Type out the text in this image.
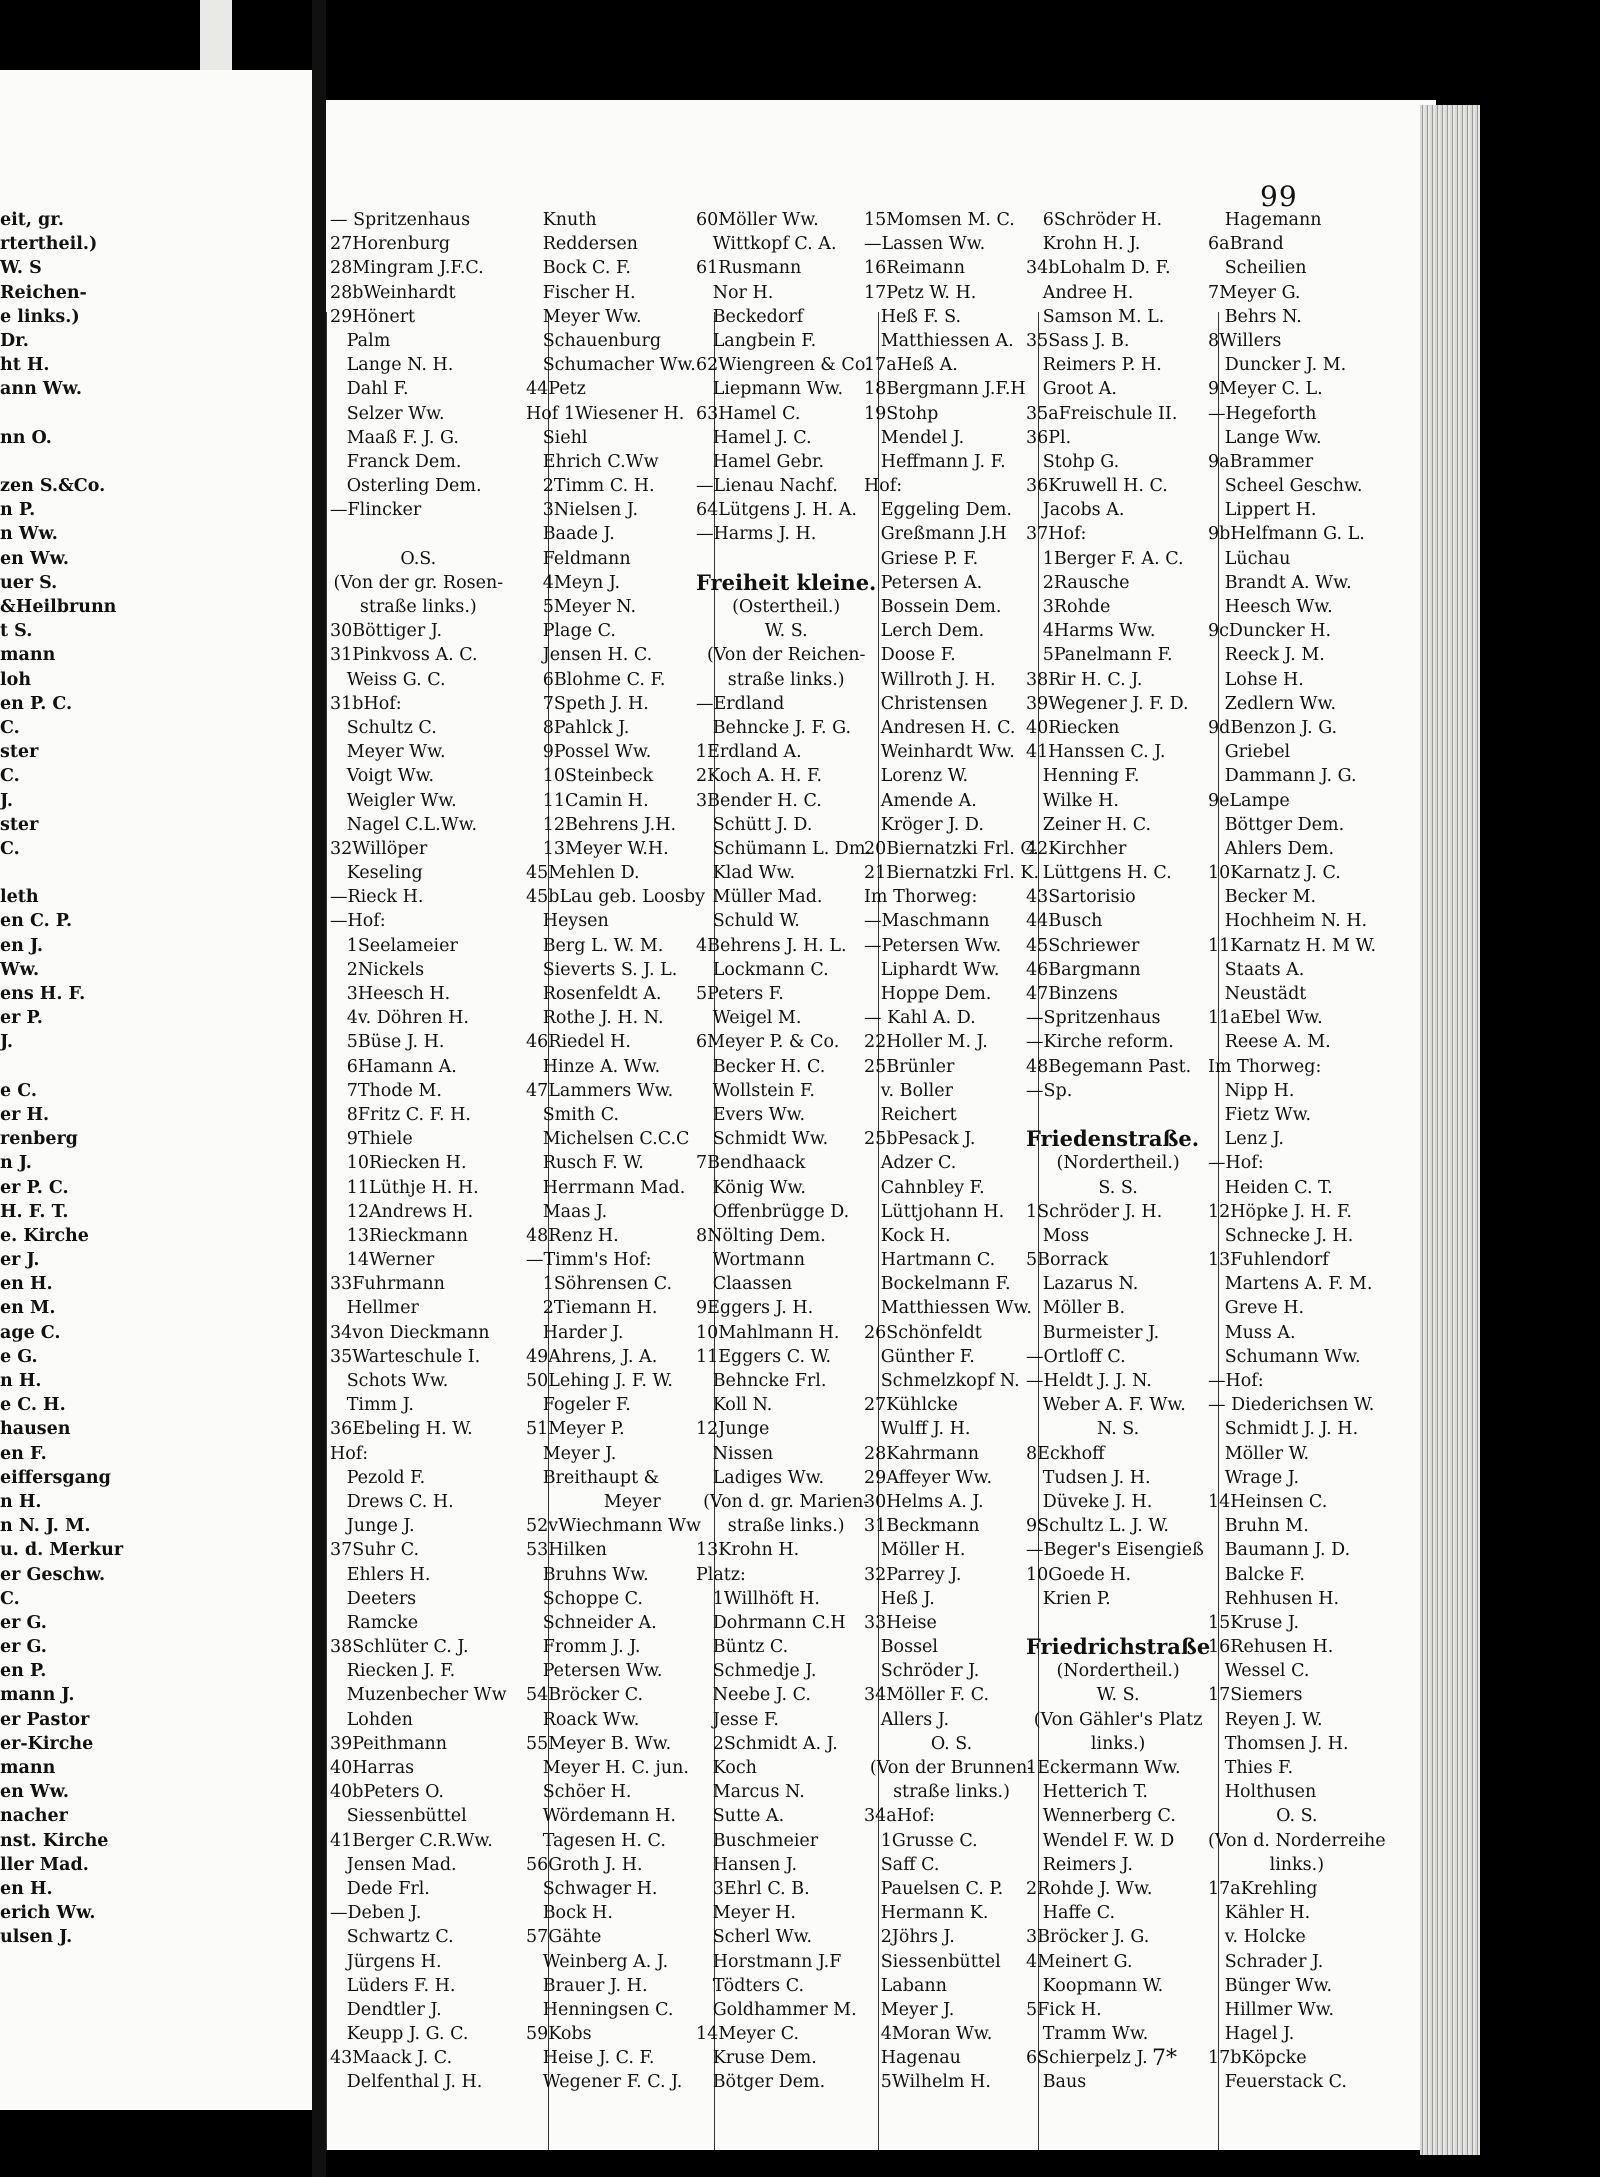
eit, gr.
rtertheil.)
W. S
Reichen-
e links.)
Dr.
ht H.
ann Ww.
nn O.
zen S.&Co.
n P.
n Ww.
en Ww.
uer S.
&Heilbrunn
t S.
mann
loh
en P. C.
C.
ster
C.
J.
ster
C.
leth
en C. P.
en J.
Ww.
ens H. F.
er P.
J.
e C.
er H.
renberg
n J.
er P. C.
H. F. T.
e. Kirche
er J.
en H.
en M.
age C.
e G.
n H.
e C. H.
hausen
en F.
eiffersgang
n H.
n N. J. M.
u. d. Merkur
er Geschw.
C.
er G.
er G.
en P.
mann J.
er Pastor
er-Kirche
mann
en Ww.
nacher
nst. Kirche
ller Mad.
en H.
erich Ww.
ulsen J.
99
— Spritzenhaus
27Horenburg
28Mingram J.F.C.
28bWeinhardt
29Hönert
Palm
Lange N. H.
Dahl F.
Selzer Ww.
Maaß F. J. G.
Franck Dem.
Osterling Dem.
—Flincker
O.S.
(Von der gr. Rosen-
straße links.)
30Böttiger J.
31Pinkvoss A. C.
Weiss G. C.
31bHof:
Schultz C.
Meyer Ww.
Voigt Ww.
Weigler Ww.
Nagel C.L.Ww.
32Willöper
Keseling
—Rieck H.
—Hof:
1Seelameier
2Nickels
3Heesch H.
4v. Döhren H.
5Büse J. H.
6Hamann A.
7Thode M.
8Fritz C. F. H.
9Thiele
10Riecken H.
11Lüthje H. H.
12Andrews H.
13Rieckmann
14Werner
33Fuhrmann
Hellmer
34von Dieckmann
35Warteschule I.
Schots Ww.
Timm J.
36Ebeling H. W.
Hof:
Pezold F.
Drews C. H.
Junge J.
37Suhr C.
Ehlers H.
Deeters
Ramcke
38Schlüter C. J.
Riecken J. F.
Muzenbecher Ww
Lohden
39Peithmann
40Harras
40bPeters O.
Siessenbüttel
41Berger C.R.Ww.
Jensen Mad.
Dede Frl.
—Deben J.
Schwartz C.
Jürgens H.
Lüders F. H.
Dendtler J.
Keupp J. G. C.
43Maack J. C.
Delfenthal J. H.
Knuth
Reddersen
Bock C. F.
Fischer H.
Meyer Ww.
Schauenburg
Schumacher Ww.
44Petz
Hof 1Wiesener H.
Siehl
Ehrich C.Ww
2Timm C. H.
3Nielsen J.
Baade J.
Feldmann
4Meyn J.
5Meyer N.
Plage C.
Jensen H. C.
6Blohme C. F.
7Speth J. H.
8Pahlck J.
9Possel Ww.
10Steinbeck
11Camin H.
12Behrens J.H.
13Meyer W.H.
45Mehlen D.
45bLau geb. Loosby
Heysen
Berg L. W. M.
Sieverts S. J. L.
Rosenfeldt A.
Rothe J. H. N.
46Riedel H.
Hinze A. Ww.
47Lammers Ww.
Smith C.
Michelsen C.C.C
Rusch F. W.
Herrmann Mad.
Maas J.
48Renz H.
—Timm's Hof:
1Söhrensen C.
2Tiemann H.
Harder J.
49Ahrens, J. A.
50Lehing J. F. W.
Fogeler F.
51Meyer P.
Meyer J.
Breithaupt &
Meyer
52vWiechmann Ww
53Hilken
Bruhns Ww.
Schoppe C.
Schneider A.
Fromm J. J.
Petersen Ww.
54Bröcker C.
Roack Ww.
55Meyer B. Ww.
Meyer H. C. jun.
Schöer H.
Wördemann H.
Tagesen H. C.
56Groth J. H.
Schwager H.
Bock H.
57Gähte
Weinberg A. J.
Brauer J. H.
Henningsen C.
59Kobs
Heise J. C. F.
Wegener F. C. J.
60Möller Ww.
Wittkopf C. A.
61Rusmann
Nor H.
Beckedorf
Langbein F.
62Wiengreen & Co.
Liepmann Ww.
63Hamel C.
Hamel J. C.
Hamel Gebr.
—Lienau Nachf.
64Lütgens J. H. A.
—Harms J. H.
Freiheit kleine.
(Ostertheil.)
W. S.
(Von der Reichen-
straße links.)
—Erdland
Behncke J. F. G.
1Erdland A.
2Koch A. H. F.
3Bender H. C.
Schütt J. D.
Schümann L. Dm.
Klad Ww.
Müller Mad.
Schuld W.
4Behrens J. H. L.
Lockmann C.
5Peters F.
Weigel M.
6Meyer P. & Co.
Becker H. C.
Wollstein F.
Evers Ww.
Schmidt Ww.
7Bendhaack
König Ww.
Offenbrügge D.
8Nölting Dem.
Wortmann
Claassen
9Eggers J. H.
10Mahlmann H.
11Eggers C. W.
Behncke Frl.
Koll N.
12Junge
Nissen
Ladiges Ww.
(Von d. gr. Marien-
straße links.)
13Krohn H.
Platz:
1Willhöft H.
Dohrmann C.H
Büntz C.
Schmedje J.
Neebe J. C.
Jesse F.
2Schmidt A. J.
Koch
Marcus N.
Sutte A.
Buschmeier
Hansen J.
3Ehrl C. B.
Meyer H.
Scherl Ww.
Horstmann J.F
Tödters C.
Goldhammer M.
14Meyer C.
Kruse Dem.
Bötger Dem.
15Momsen M. C.
—Lassen Ww.
16Reimann
17Petz W. H.
Heß F. S.
Matthiessen A.
17aHeß A.
18Bergmann J.F.H
19Stohp
Mendel J.
Heffmann J. F.
Hof:
Eggeling Dem.
Greßmann J.H
Griese P. F.
Petersen A.
Bossein Dem.
Lerch Dem.
Doose F.
Willroth J. H.
Christensen
Andresen H. C.
Weinhardt Ww.
Lorenz W.
Amende A.
Kröger J. D.
20Biernatzki Frl. C.
21Biernatzki Frl. K.
Im Thorweg:
—Maschmann
—Petersen Ww.
Liphardt Ww.
Hoppe Dem.
— Kahl A. D.
22Holler M. J.
25Brünler
v. Boller
Reichert
25bPesack J.
Adzer C.
Cahnbley F.
Lüttjohann H.
Kock H.
Hartmann C.
Bockelmann F.
Matthiessen Ww.
26Schönfeldt
Günther F.
Schmelzkopf N.
27Kühlcke
Wulff J. H.
28Kahrmann
29Affeyer Ww.
30Helms A. J.
31Beckmann
Möller H.
32Parrey J.
Heß J.
33Heise
Bossel
Schröder J.
34Möller F. C.
Allers J.
O. S.
(Von der Brunnen-
straße links.)
34aHof:
1Grusse C.
Saff C.
Pauelsen C. P.
Hermann K.
2Jöhrs J.
Siessenbüttel
Labann
Meyer J.
4Moran Ww.
Hagenau
5Wilhelm H.
6Schröder H.
Krohn H. J.
34bLohalm D. F.
Andree H.
Samson M. L.
35Sass J. B.
Reimers P. H.
Groot A.
35aFreischule II.
36Pl.
Stohp G.
36Kruwell H. C.
Jacobs A.
37Hof:
1Berger F. A. C.
2Rausche
3Rohde
4Harms Ww.
5Panelmann F.
38Rir H. C. J.
39Wegener J. F. D.
40Riecken
41Hanssen C. J.
Henning F.
Wilke H.
Zeiner H. C.
42Kirchher
Lüttgens H. C.
43Sartorisio
44Busch
45Schriewer
46Bargmann
47Binzens
—Spritzenhaus
—Kirche reform.
48Begemann Past.
—Sp.
Friedenstraße.
(Nordertheil.)
S. S.
1Schröder J. H.
Moss
5Borrack
Lazarus N.
Möller B.
Burmeister J.
—Ortloff C.
—Heldt J. J. N.
Weber A. F. Ww.
N. S.
8Eckhoff
Tudsen J. H.
Düveke J. H.
9Schultz L. J. W.
—Beger's Eisengieß
10Goede H.
Krien P.
Friedrichstraße
(Nordertheil.)
W. S.
(Von Gähler's Platz
links.)
1Eckermann Ww.
Hetterich T.
Wennerberg C.
Wendel F. W. D
Reimers J.
2Rohde J. Ww.
Haffe C.
3Bröcker J. G.
4Meinert G.
Koopmann W.
5Fick H.
Tramm Ww.
6Schierpelz J.
Baus
Hagemann
6aBrand
Scheilien
7Meyer G.
Behrs N.
8Willers
Duncker J. M.
9Meyer C. L.
—Hegeforth
Lange Ww.
9aBrammer
Scheel Geschw.
Lippert H.
9bHelfmann G. L.
Lüchau
Brandt A. Ww.
Heesch Ww.
9cDuncker H.
Reeck J. M.
Lohse H.
Zedlern Ww.
9dBenzon J. G.
Griebel
Dammann J. G.
9eLampe
Böttger Dem.
Ahlers Dem.
10Karnatz J. C.
Becker M.
Hochheim N. H.
11Karnatz H. M W.
Staats A.
Neustädt
11aEbel Ww.
Reese A. M.
Im Thorweg:
Nipp H.
Fietz Ww.
Lenz J.
—Hof:
Heiden C. T.
12Höpke J. H. F.
Schnecke J. H.
13Fuhlendorf
Martens A. F. M.
Greve H.
Muss A.
Schumann Ww.
—Hof:
— Diederichsen W.
Schmidt J. J. H.
Möller W.
Wrage J.
14Heinsen C.
Bruhn M.
Baumann J. D.
Balcke F.
Rehhusen H.
15Kruse J.
16Rehusen H.
Wessel C.
17Siemers
Reyen J. W.
Thomsen J. H.
Thies F.
Holthusen
O. S.
(Von d. Norderreihe
links.)
17aKrehling
Kähler H.
v. Holcke
Schrader J.
Bünger Ww.
Hillmer Ww.
Hagel J.
17bKöpcke
Feuerstack C.
7*
